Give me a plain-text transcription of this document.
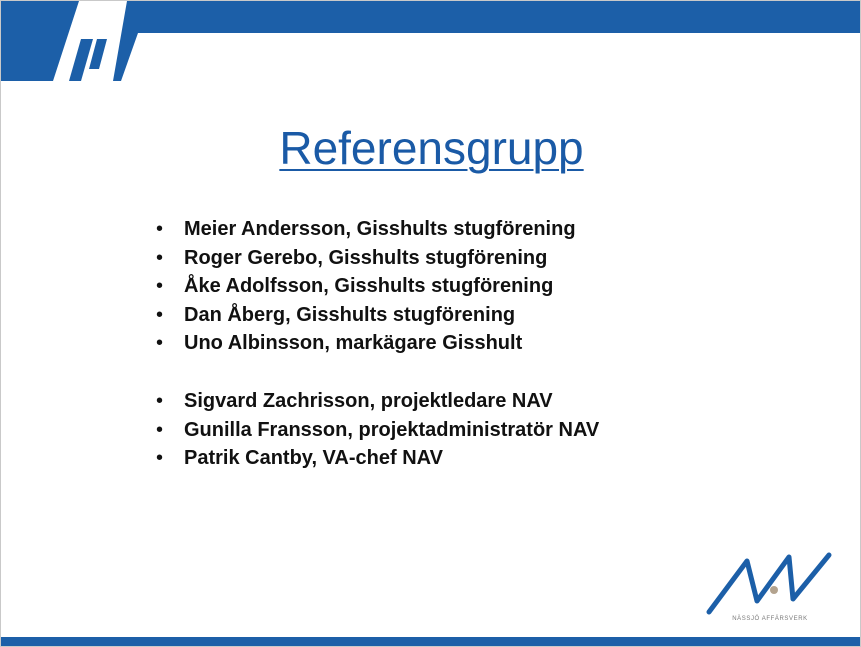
Referensgrupp
• Meier Andersson, Gisshults stugförening
• Roger Gerebo, Gisshults stugförening
• Åke Adolfsson, Gisshults stugförening
• Dan Åberg, Gisshults stugförening
• Uno Albinsson, markägare Gisshult
• Sigvard Zachrisson, projektledare NAV
• Gunilla Fransson, projektadministratör NAV
• Patrik Cantby, VA-chef NAV
NÄSSJÖ AFFÄRSVERK
